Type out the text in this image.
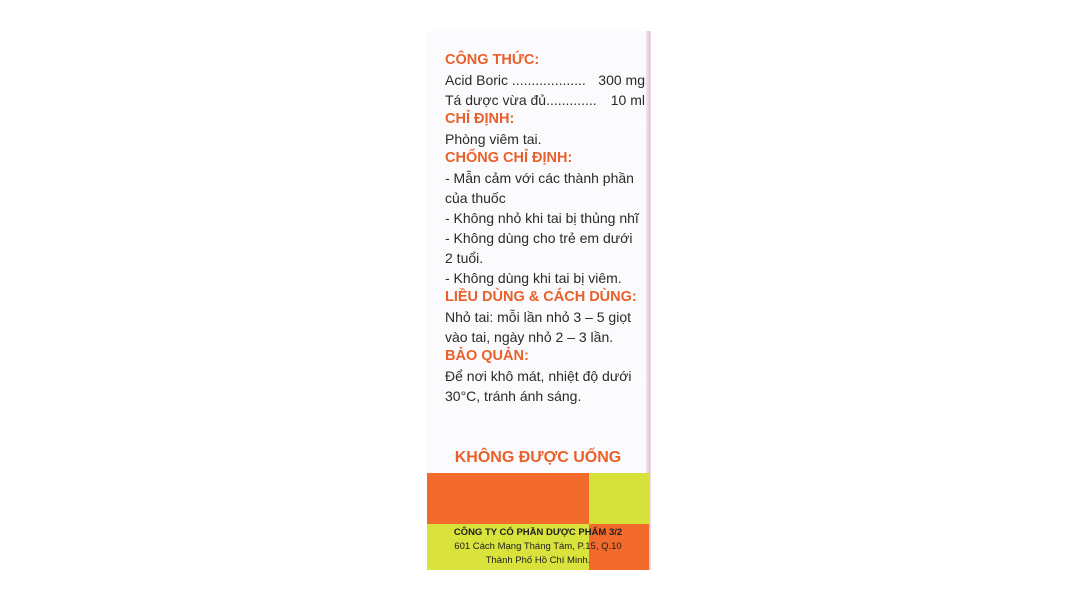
CÔNG THỨC:
Acid Boric ................... 300 mg
Tá dược vừa đủ.............	10 ml
CHỈ ĐỊNH:
Phòng viêm tai.
CHỐNG CHỈ ĐỊNH:
- Mẫn cảm với các thành phần
của thuốc
- Không nhỏ khi tai bị thủng nhĩ
- Không dùng cho trẻ em dưới
2 tuổi.
- Không dùng khi tai bị viêm.
LIỀU DÙNG & CÁCH DÙNG:
Nhỏ tai: mỗi lần nhỏ 3 – 5 giọt
vào tai, ngày nhỏ 2 – 3 lần.
BẢO QUẢN:
Để nơi khô mát, nhiệt độ dưới
30°C, tránh ánh sáng.
KHÔNG ĐƯỢC UỐNG
CÔNG TY CỔ PHẦN DƯỢC PHẨM 3/2
601 Cách Mạng Tháng Tám, P.15, Q.10
Thành Phố Hồ Chí Minh.
